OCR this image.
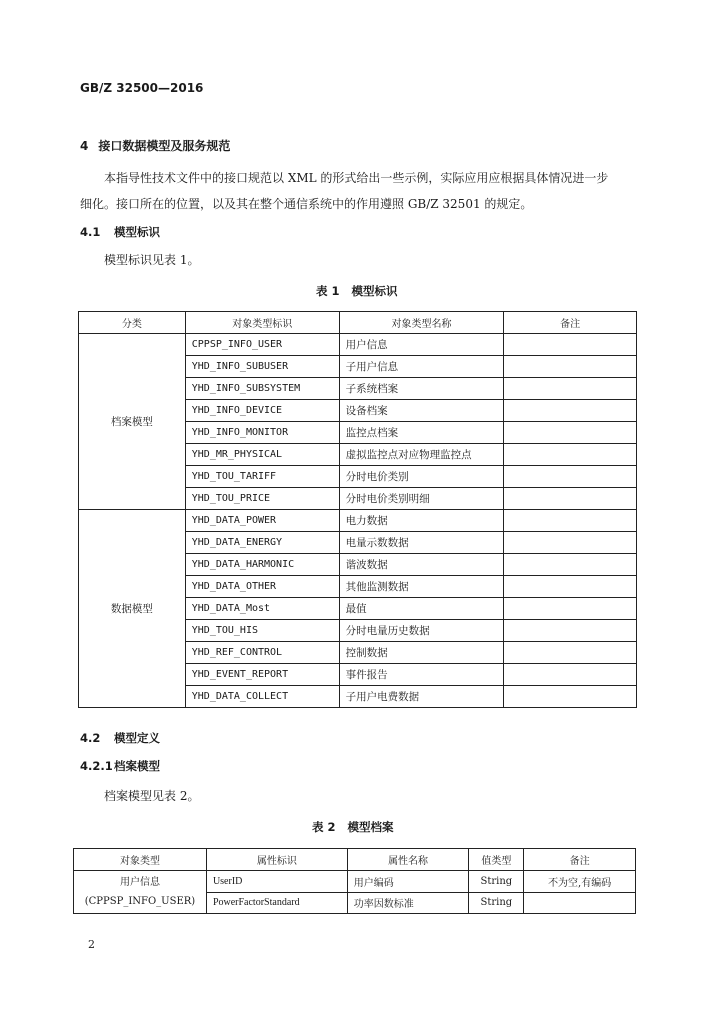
GB/Z 32500—2016
4 接口数据模型及服务规范
本指导性技术文件中的接口规范以 XML 的形式给出一些示例，实际应用应根据具体情况进一步
细化。接口所在的位置，以及其在整个通信系统中的作用遵照 GB/Z 32501 的规定。
4.1 模型标识
模型标识见表 1。
表 1 模型标识
分类	对象类型标识	对象类型名称	备注
档案模型	CPPSP_INFO_USER	用户信息	
	YHD_INFO_SUBUSER	子用户信息	
	YHD_INFO_SUBSYSTEM	子系统档案	
	YHD_INFO_DEVICE	设备档案	
	YHD_INFO_MONITOR	监控点档案	
	YHD_MR_PHYSICAL	虚拟监控点对应物理监控点	
	YHD_TOU_TARIFF	分时电价类别	
	YHD_TOU_PRICE	分时电价类别明细	
数据模型	YHD_DATA_POWER	电力数据	
	YHD_DATA_ENERGY	电量示数数据	
	YHD_DATA_HARMONIC	谐波数据	
	YHD_DATA_OTHER	其他监测数据	
	YHD_DATA_Most	最值	
	YHD_TOU_HIS	分时电量历史数据	
	YHD_REF_CONTROL	控制数据	
	YHD_EVENT_REPORT	事件报告	
	YHD_DATA_COLLECT	子用户电费数据	
4.2 模型定义
4.2.1档案模型
档案模型见表 2。
表 2 模型档案
对象类型	属性标识	属性名称	值类型	备注

用户信息
(CPPSP_INFO_USER)	UserID	用户编码	String	不为空,有编码
	PowerFactorStandard	功率因数标准	String	
2
